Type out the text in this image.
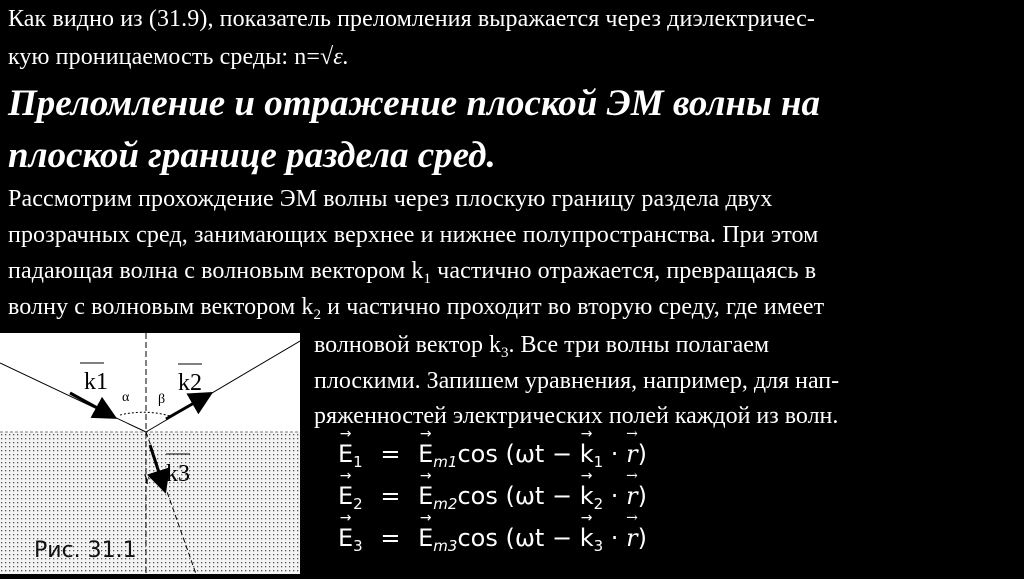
Как видно из (31.9), показатель преломления выражается через диэлектричес-
кую проницаемость среды: n=√ε.
Преломление и отражение плоской ЭМ волны на
плоской границе раздела сред.
Рассмотрим прохождение ЭМ волны через плоскую границу раздела двух
прозрачных сред, занимающих верхнее и нижнее полупространства. При этом
падающая волна с волновым вектором $k_1$ частично отражается, превращаясь в
волну с волновым вектором $k_2$ и частично проходит во вторую среду, где имеет
волновой вектор $k_3$. Все три волны полагаем
плоскими. Запишем уравнения, например, для нап-
ряженностей электрических полей каждой из волн.
→ $E_1$ = → $E_{m1}\cos$ (ωt − → $k_1$ · → r)
→ $E_2$ = → $E_{m2}\cos$ (ωt − → $k_2$ · → r)
→ $E_3$ = → $E_{m3}\cos$ (ωt − → $k_3$ · → r)
k1	k2
k3
α β
γ
Рис. 31.1
